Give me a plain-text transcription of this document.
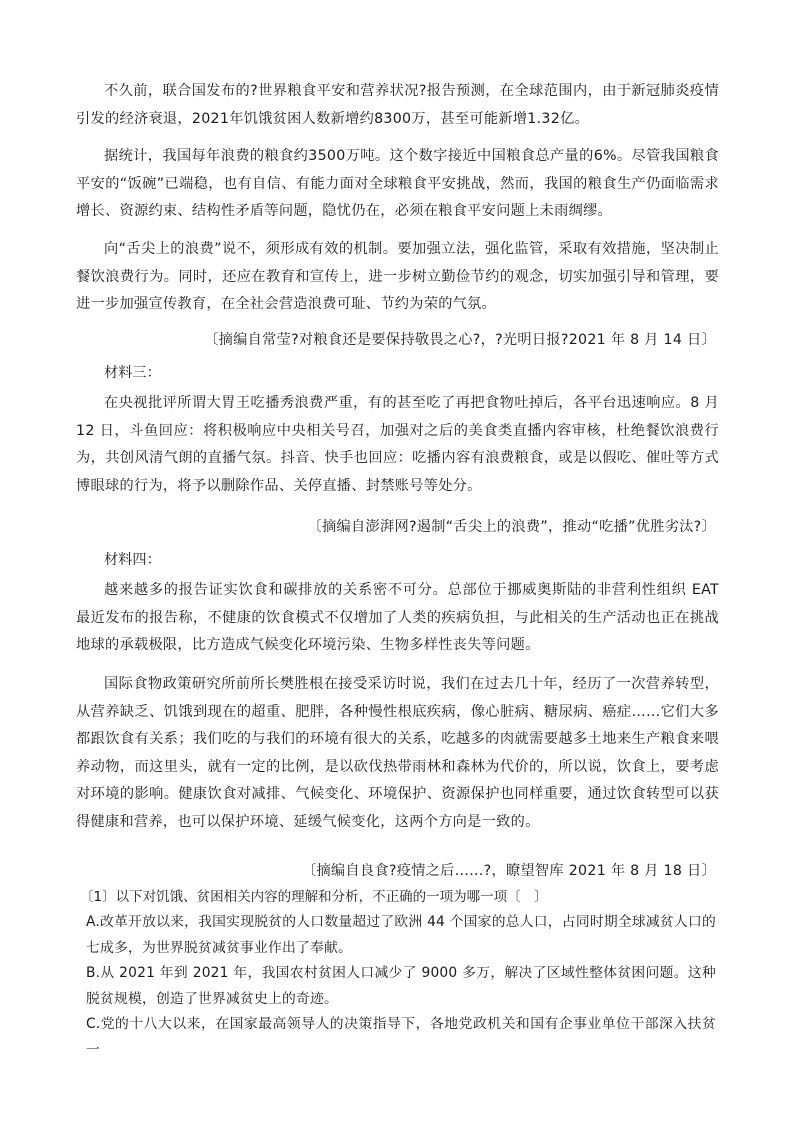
不久前，联合国发布的?世界粮食平安和营养状况?报告预测，在全球范围内，由于新冠肺炎疫情引发的经济衰退，2021年饥饿贫困人数新增约8300万，甚至可能新增1.32亿。

据统计，我国每年浪费的粮食约3500万吨。这个数字接近中国粮食总产量的6%。尽管我国粮食平安的“饭碗”已端稳，也有自信、有能力面对全球粮食平安挑战，然而，我国的粮食生产仍面临需求增长、资源约束、结构性矛盾等问题，隐忧仍在，必须在粮食平安问题上未雨绸缪。

向“舌尖上的浪费”说不，须形成有效的机制。要加强立法，强化监管，采取有效措施，坚决制止餐饮浪费行为。同时，还应在教育和宣传上，进一步树立勤俭节约的观念，切实加强引导和管理，要进一步加强宣传教育，在全社会营造浪费可耻、节约为荣的气氛。

〔摘编自常莹?对粮食还是要保持敬畏之心?，?光明日报?2021 年 8 月 14 日〕

材料三：

在央视批评所谓大胃王吃播秀浪费严重，有的甚至吃了再把食物吐掉后，各平台迅速响应。8 月 12 日，斗鱼回应：将积极响应中央相关号召，加强对之后的美食类直播内容审核，杜绝餐饮浪费行为，共创风清气朗的直播气氛。抖音、快手也回应：吃播内容有浪费粮食，或是以假吃、催吐等方式博眼球的行为，将予以删除作品、关停直播、封禁账号等处分。

〔摘编自澎湃网?遏制“舌尖上的浪费”，推动“吃播”优胜劣汰?〕

材料四：

越来越多的报告证实饮食和碳排放的关系密不可分。总部位于挪威奥斯陆的非营利性组织 EAT 最近发布的报告称，不健康的饮食模式不仅增加了人类的疾病负担，与此相关的生产活动也正在挑战地球的承载极限，比方造成气候变化环境污染、生物多样性丧失等问题。

国际食物政策研究所前所长樊胜根在接受采访时说，我们在过去几十年，经历了一次营养转型，从营养缺乏、饥饿到现在的超重、肥胖，各种慢性根底疾病，像心脏病、糖尿病、癌症……它们大多都跟饮食有关系；我们吃的与我们的环境有很大的关系，吃越多的肉就需要越多土地来生产粮食来喂养动物，而这里头，就有一定的比例，是以砍伐热带雨林和森林为代价的，所以说，饮食上，要考虑对环境的影响。健康饮食对减排、气候变化、环境保护、资源保护也同样重要，通过饮食转型可以获得健康和营养，也可以保护环境、延缓气候变化，这两个方向是一致的。

〔摘编自良食?疫情之后……?，瞭望智库 2021 年 8 月 18 日〕

〔1〕以下对饥饿、贫困相关内容的理解和分析，不正确的一项为哪一项〔　〕

A.改革开放以来，我国实现脱贫的人口数量超过了欧洲 44 个国家的总人口，占同时期全球减贫人口的七成多，为世界脱贫减贫事业作出了奉献。

B.从 2021 年到 2021 年，我国农村贫困人口减少了 9000 多万，解决了区域性整体贫困问题。这种脱贫规模，创造了世界减贫史上的奇迹。

C.党的十八大以来，在国家最高领导人的决策指导下，各地党政机关和国有企事业单位干部深入扶贫一
